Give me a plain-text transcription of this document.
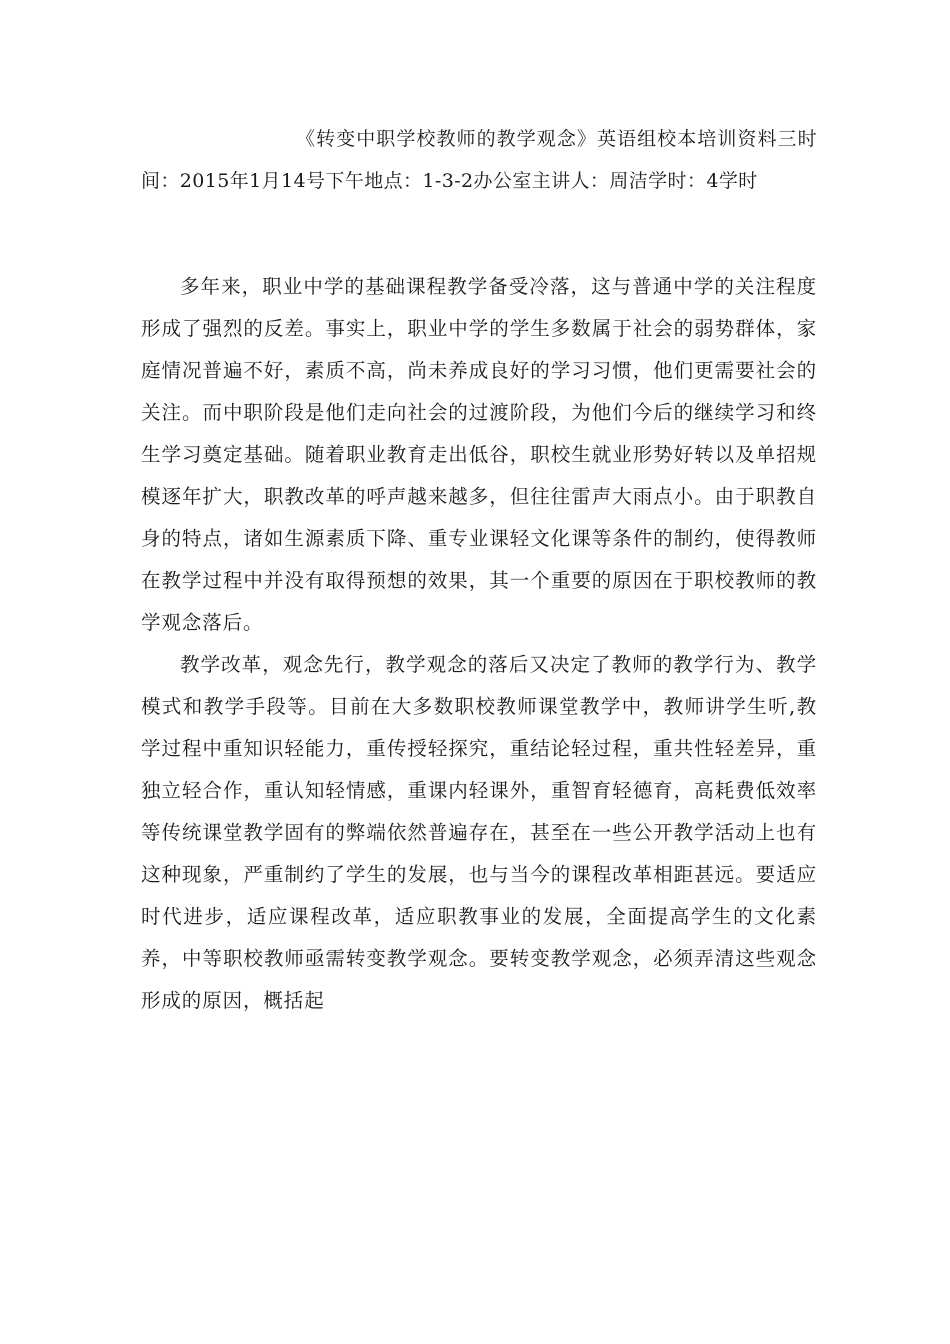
《转变中职学校教师的教学观念》英语组校本培训资料三时间：2015年1月14号下午地点：1-3-2办公室主讲人：周洁学时：4学时

多年来，职业中学的基础课程教学备受冷落，这与普通中学的关注程度形成了强烈的反差。事实上，职业中学的学生多数属于社会的弱势群体，家庭情况普遍不好，素质不高，尚未养成良好的学习习惯，他们更需要社会的关注。而中职阶段是他们走向社会的过渡阶段，为他们今后的继续学习和终生学习奠定基础。随着职业教育走出低谷，职校生就业形势好转以及单招规模逐年扩大，职教改革的呼声越来越多，但往往雷声大雨点小。由于职教自身的特点，诸如生源素质下降、重专业课轻文化课等条件的制约，使得教师在教学过程中并没有取得预想的效果，其一个重要的原因在于职校教师的教学观念落后。

教学改革，观念先行，教学观念的落后又决定了教师的教学行为、教学模式和教学手段等。目前在大多数职校教师课堂教学中，教师讲学生听,教学过程中重知识轻能力，重传授轻探究，重结论轻过程，重共性轻差异，重独立轻合作，重认知轻情感，重课内轻课外，重智育轻德育，高耗费低效率等传统课堂教学固有的弊端依然普遍存在，甚至在一些公开教学活动上也有这种现象，严重制约了学生的发展，也与当今的课程改革相距甚远。要适应时代进步，适应课程改革，适应职教事业的发展，全面提高学生的文化素养，中等职校教师亟需转变教学观念。要转变教学观念，必须弄清这些观念形成的原因，概括起
